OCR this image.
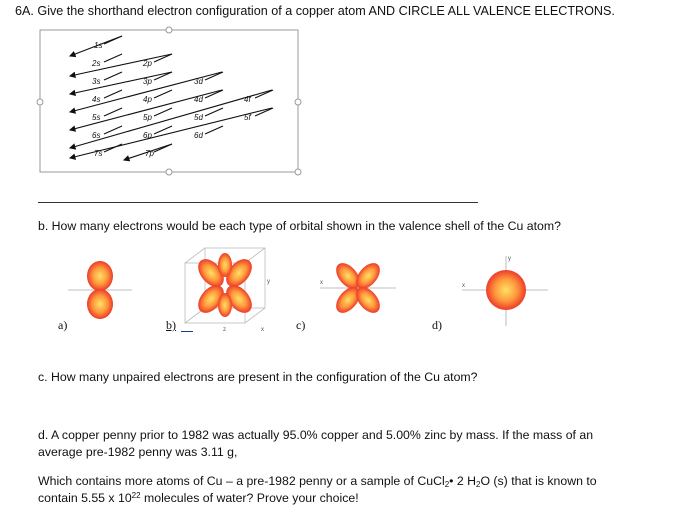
6A. Give the shorthand electron configuration of a copper atom AND CIRCLE ALL VALENCE ELECTRONS.
1s
2s
3s
4s
5s
6s
7s
2p
3p
4p
5p
6p
7p
3d
4d
5d
6d
4f
5f
b. How many electrons would be each type of orbital shown in the valence shell of the Cu atom?
a)
y
z	x
b)
x
c)
x
y
d)
c. How many unpaired electrons are present in the configuration of the Cu atom?
d. A copper penny prior to 1982 was actually 95.0% copper and 5.00% zinc by mass. If the mass of an
average pre-1982 penny was 3.11 g,
Which contains more atoms of Cu – a pre-1982 penny or a sample of CuCl$_2$• 2 $H_2O$ (s) that is known to
contain 5.55 x $10^{22}$ molecules of water? Prove your choice!
